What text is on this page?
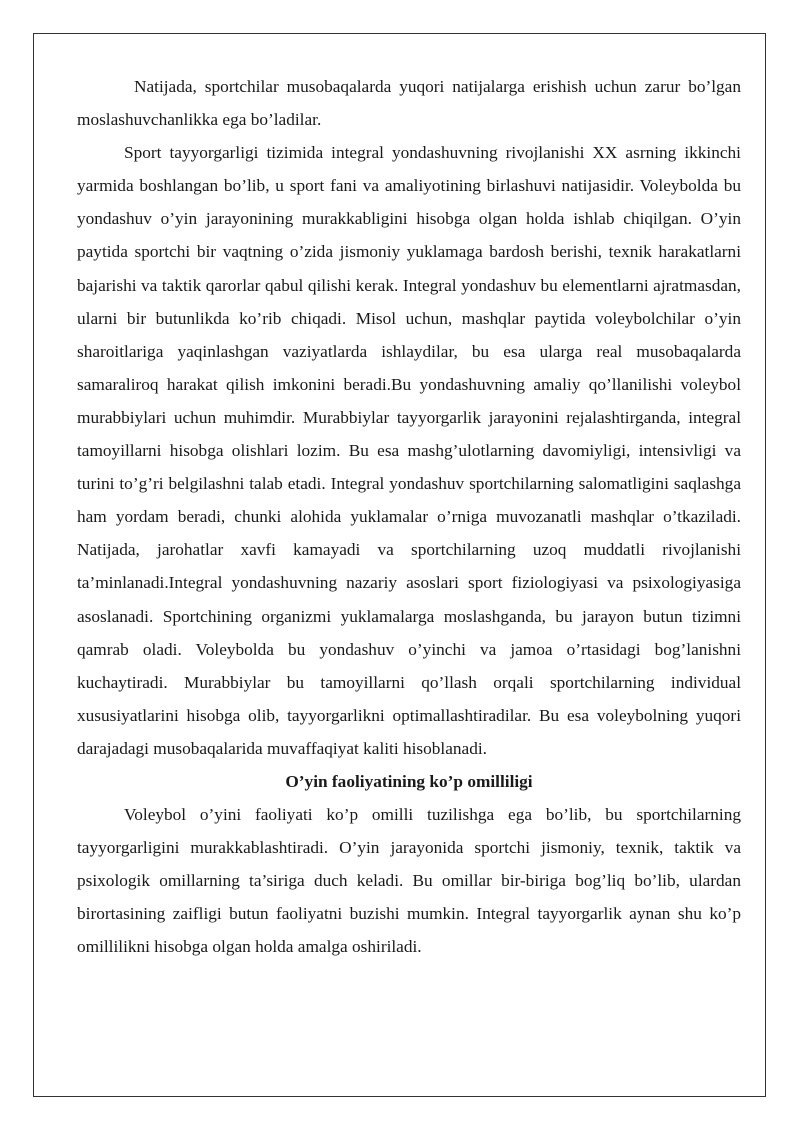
Natijada, sportchilar musobaqalarda yuqori natijalarga erishish uchun zarur bo’lgan moslashuvchanlikka ega bo’ladilar.

Sport tayyorgarligi tizimida integral yondashuvning rivojlanishi XX asrning ikkinchi yarmida boshlangan bo’lib, u sport fani va amaliyotining birlashuvi natijasidir. Voleybolda bu yondashuv o’yin jarayonining murakkabligini hisobga olgan holda ishlab chiqilgan. O’yin paytida sportchi bir vaqtning o’zida jismoniy yuklamaga bardosh berishi, texnik harakatlarni bajarishi va taktik qarorlar qabul qilishi kerak. Integral yondashuv bu elementlarni ajratmasdan, ularni bir butunlikda ko’rib chiqadi. Misol uchun, mashqlar paytida voleybolchilar o’yin sharoitlariga yaqinlashgan vaziyatlarda ishlaydilar, bu esa ularga real musobaqalarda samaraliroq harakat qilish imkonini beradi.Bu yondashuvning amaliy qo’llanilishi voleybol murabbiylari uchun muhimdir. Murabbiylar tayyorgarlik jarayonini rejalashtirganda, integral tamoyillarni hisobga olishlari lozim. Bu esa mashg’ulotlarning davomiyligi, intensivligi va turini to’g’ri belgilashni talab etadi. Integral yondashuv sportchilarning salomatligini saqlashga ham yordam beradi, chunki alohida yuklamalar o’rniga muvozanatli mashqlar o’tkaziladi. Natijada, jarohatlar xavfi kamayadi va sportchilarning uzoq muddatli rivojlanishi ta’minlanadi.Integral yondashuvning nazariy asoslari sport fiziologiyasi va psixologiyasiga asoslanadi. Sportchining organizmi yuklamalarga moslashganda, bu jarayon butun tizimni qamrab oladi. Voleybolda bu yondashuv o’yinchi va jamoa o’rtasidagi bog’lanishni kuchaytiradi. Murabbiylar bu tamoyillarni qo’llash orqali sportchilarning individual xususiyatlarini hisobga olib, tayyorgarlikni optimallashtiradilar. Bu esa voleybolning yuqori darajadagi musobaqalarida muvaffaqiyat kaliti hisoblanadi.

O’yin faoliyatining ko’p omilliligi

Voleybol o’yini faoliyati ko’p omilli tuzilishga ega bo’lib, bu sportchilarning tayyorgarligini murakkablashtiradi. O’yin jarayonida sportchi jismoniy, texnik, taktik va psixologik omillarning ta’siriga duch keladi. Bu omillar bir-biriga bog’liq bo’lib, ulardan birortasining zaifligi butun faoliyatni buzishi mumkin. Integral tayyorgarlik aynan shu ko’p omillilikni hisobga olgan holda amalga oshiriladi.
